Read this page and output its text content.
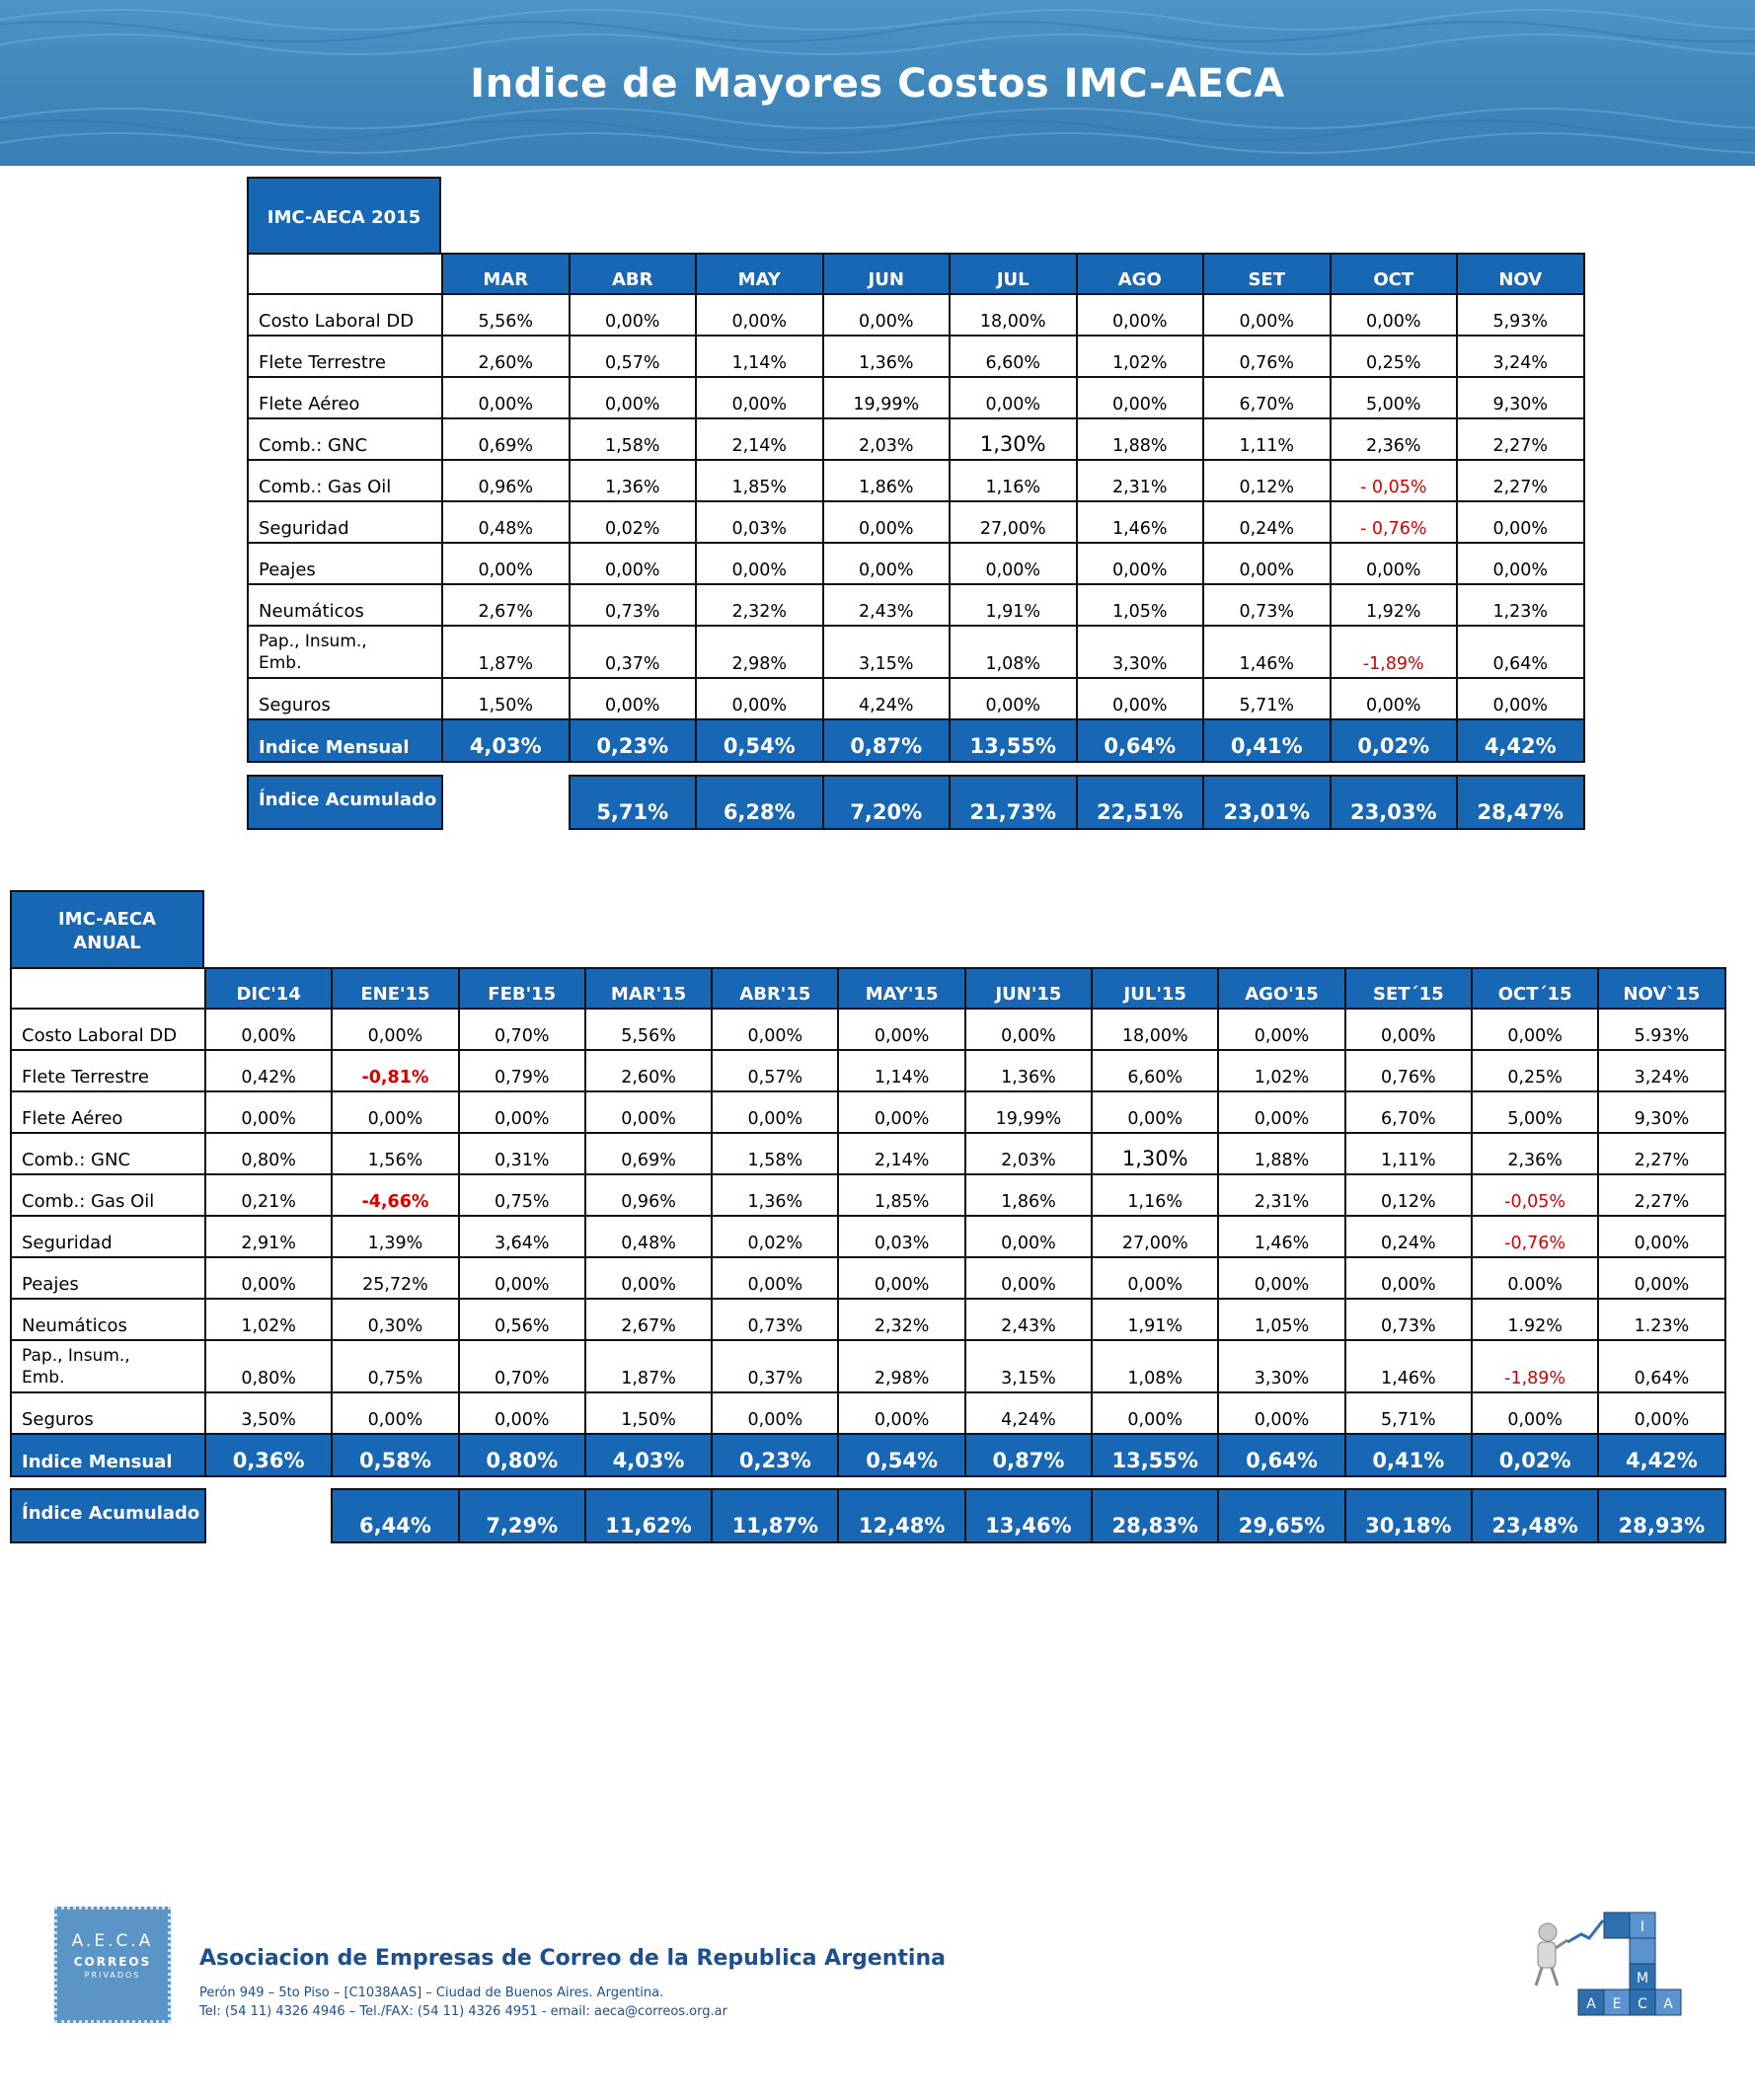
Indice de Mayores Costos IMC-AECA
IMC-AECA 2015
	MAR	ABR	MAY	JUN	JUL	AGO	SET	OCT	NOV
Costo Laboral DD	5,56%	0,00%	0,00%	0,00%	18,00%	0,00%	0,00%	0,00%	5,93%
Flete Terrestre	2,60%	0,57%	1,14%	1,36%	6,60%	1,02%	0,76%	0,25%	3,24%
Flete Aéreo	0,00%	0,00%	0,00%	19,99%	0,00%	0,00%	6,70%	5,00%	9,30%
Comb.: GNC	0,69%	1,58%	2,14%	2,03%	1,30%	1,88%	1,11%	2,36%	2,27%
Comb.: Gas Oil	0,96%	1,36%	1,85%	1,86%	1,16%	2,31%	0,12%	- 0,05%	2,27%
Seguridad	0,48%	0,02%	0,03%	0,00%	27,00%	1,46%	0,24%	- 0,76%	0,00%
Peajes	0,00%	0,00%	0,00%	0,00%	0,00%	0,00%	0,00%	0,00%	0,00%
Neumáticos	2,67%	0,73%	2,32%	2,43%	1,91%	1,05%	0,73%	1,92%	1,23%
Pap., Insum., Emb.	1,87%	0,37%	2,98%	3,15%	1,08%	3,30%	1,46%	-1,89%	0,64%
Seguros	1,50%	0,00%	0,00%	4,24%	0,00%	0,00%	5,71%	0,00%	0,00%
Indice Mensual	4,03%	0,23%	0,54%	0,87%	13,55%	0,64%	0,41%	0,02%	4,42%
Índice Acumulado		5,71%	6,28%	7,20%	21,73%	22,51%	23,01%	23,03%	28,47%
IMC-AECA ANUAL
	DIC'14	ENE'15	FEB'15	MAR'15	ABR'15	MAY'15	JUN'15	JUL'15	AGO'15	SET´15	OCT´15	NOV`15
Costo Laboral DD	0,00%	0,00%	0,70%	5,56%	0,00%	0,00%	0,00%	18,00%	0,00%	0,00%	0,00%	5.93%
Flete Terrestre	0,42%	-0,81%	0,79%	2,60%	0,57%	1,14%	1,36%	6,60%	1,02%	0,76%	0,25%	3,24%
Flete Aéreo	0,00%	0,00%	0,00%	0,00%	0,00%	0,00%	19,99%	0,00%	0,00%	6,70%	5,00%	9,30%
Comb.: GNC	0,80%	1,56%	0,31%	0,69%	1,58%	2,14%	2,03%	1,30%	1,88%	1,11%	2,36%	2,27%
Comb.: Gas Oil	0,21%	-4,66%	0,75%	0,96%	1,36%	1,85%	1,86%	1,16%	2,31%	0,12%	-0,05%	2,27%
Seguridad	2,91%	1,39%	3,64%	0,48%	0,02%	0,03%	0,00%	27,00%	1,46%	0,24%	-0,76%	0,00%
Peajes	0,00%	25,72%	0,00%	0,00%	0,00%	0,00%	0,00%	0,00%	0,00%	0,00%	0.00%	0,00%
Neumáticos	1,02%	0,30%	0,56%	2,67%	0,73%	2,32%	2,43%	1,91%	1,05%	0,73%	1.92%	1.23%
Pap., Insum., Emb.	0,80%	0,75%	0,70%	1,87%	0,37%	2,98%	3,15%	1,08%	3,30%	1,46%	-1,89%	0,64%
Seguros	3,50%	0,00%	0,00%	1,50%	0,00%	0,00%	4,24%	0,00%	0,00%	5,71%	0,00%	0,00%
Indice Mensual	0,36%	0,58%	0,80%	4,03%	0,23%	0,54%	0,87%	13,55%	0,64%	0,41%	0,02%	4,42%
Índice Acumulado		6,44%	7,29%	11,62%	11,87%	12,48%	13,46%	28,83%	29,65%	30,18%	23,48%	28,93%
A.E.C.A
CORREOS
PRIVADOS
Asociacion de Empresas de Correo de la Republica Argentina
Perón 949 – 5to Piso – [C1038AAS] – Ciudad de Buenos Aires. Argentina.
Tel: (54 11) 4326 4946 – Tel./FAX: (54 11) 4326 4951 - email: aeca@correos.org.ar
I
M
A E C A
